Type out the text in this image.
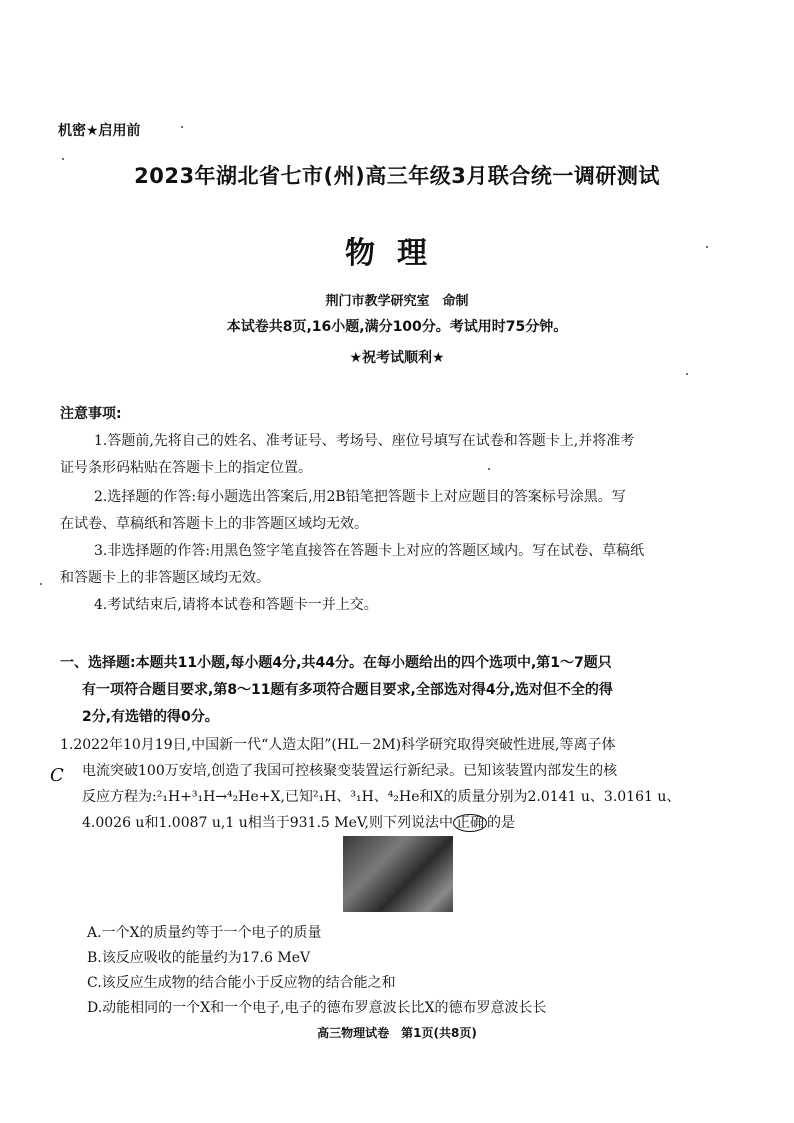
机密★启用前
2023年湖北省七市(州)高三年级3月联合统一调研测试
物理
荆门市教学研究室　命制
本试卷共8页,16小题,满分100分。考试用时75分钟。
★祝考试顺利★
注意事项:
1.答题前,先将自己的姓名、准考证号、考场号、座位号填写在试卷和答题卡上,并将准考
证号条形码粘贴在答题卡上的指定位置。
2.选择题的作答:每小题选出答案后,用2B铅笔把答题卡上对应题目的答案标号涂黑。写
在试卷、草稿纸和答题卡上的非答题区域均无效。
3.非选择题的作答:用黑色签字笔直接答在答题卡上对应的答题区域内。写在试卷、草稿纸
和答题卡上的非答题区域均无效。
4.考试结束后,请将本试卷和答题卡一并上交。
一、选择题:本题共11小题,每小题4分,共44分。在每小题给出的四个选项中,第1～7题只
有一项符合题目要求,第8～11题有多项符合题目要求,全部选对得4分,选对但不全的得
2分,有选错的得0分。
C
1.2022年10月19日,中国新一代“人造太阳”(HL－2M)科学研究取得突破性进展,等离子体
电流突破100万安培,创造了我国可控核聚变装置运行新纪录。已知该装置内部发生的核
反应方程为:²₁H+³₁H→⁴₂He+X,已知²₁H、³₁H、⁴₂He和X的质量分别为2.0141 u、3.0161 u、
4.0026 u和1.0087 u,1 u相当于931.5 MeV,则下列说法中 正确 的是
A.一个X的质量约等于一个电子的质量
B.该反应吸收的能量约为17.6 MeV
C.该反应生成物的结合能小于反应物的结合能之和
D.动能相同的一个X和一个电子,电子的德布罗意波长比X的德布罗意波长长
高三物理试卷　第1页(共8页)
